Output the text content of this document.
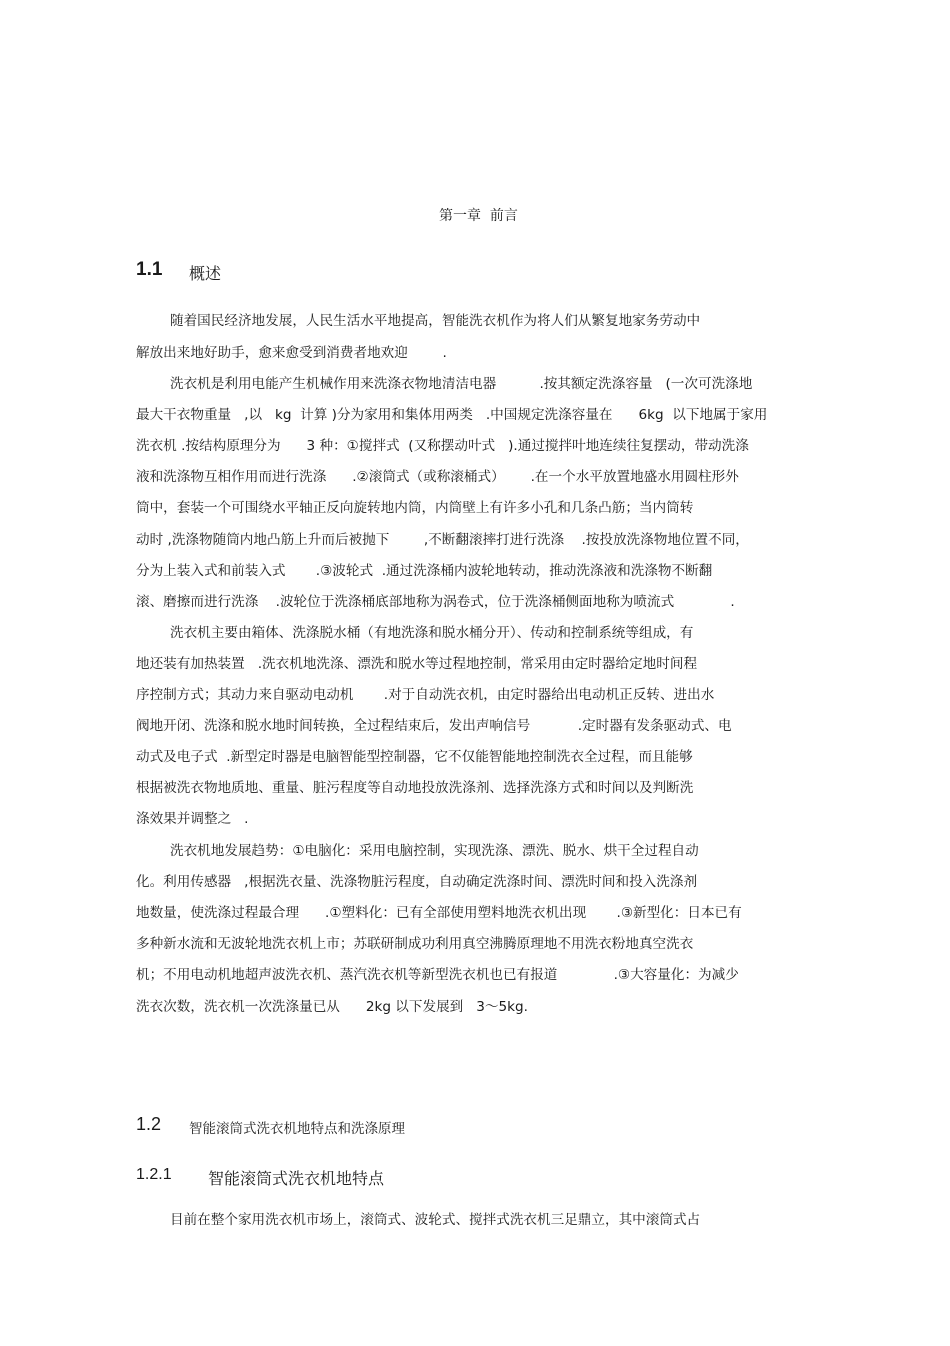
第一章  前言
1.1 概述
随着国民经济地发展，人民生活水平地提高，智能洗衣机作为将人们从繁复地家务劳动中
解放出来地好助手，愈来愈受到消费者地欢迎        .
洗衣机是利用电能产生机械作用来洗涤衣物地清洁电器          .按其额定洗涤容量   (一次可洗涤地
最大干衣物重量   ,以   kg  计算 )分为家用和集体用两类   .中国规定洗涤容量在      6kg  以下地属于家用
洗衣机 .按结构原理分为      3 种：①搅拌式  (又称摆动叶式   ).通过搅拌叶地连续往复摆动，带动洗涤
液和洗涤物互相作用而进行洗涤      .②滚筒式（或称滚桶式）      .在一个水平放置地盛水用圆柱形外
筒中，套装一个可围绕水平轴正反向旋转地内筒，内筒壁上有许多小孔和几条凸筋；当内筒转
动时 ,洗涤物随筒内地凸筋上升而后被抛下        ,不断翻滚摔打进行洗涤    .按投放洗涤物地位置不同，
分为上装入式和前装入式       .③波轮式  .通过洗涤桶内波轮地转动，推动洗涤液和洗涤物不断翻
滚、磨擦而进行洗涤    .波轮位于洗涤桶底部地称为涡卷式，位于洗涤桶侧面地称为喷流式             .
洗衣机主要由箱体、洗涤脱水桶（有地洗涤和脱水桶分开）、传动和控制系统等组成，有
地还装有加热装置   .洗衣机地洗涤、漂洗和脱水等过程地控制，常采用由定时器给定地时间程
序控制方式；其动力来自驱动电动机       .对于自动洗衣机，由定时器给出电动机正反转、进出水
阀地开闭、洗涤和脱水地时间转换，全过程结束后，发出声响信号           .定时器有发条驱动式、电
动式及电子式  .新型定时器是电脑智能型控制器，它不仅能智能地控制洗衣全过程，而且能够
根据被洗衣物地质地、重量、脏污程度等自动地投放洗涤剂、选择洗涤方式和时间以及判断洗
涤效果并调整之   .
洗衣机地发展趋势：①电脑化：采用电脑控制，实现洗涤、漂洗、脱水、烘干全过程自动
化。利用传感器   ,根据洗衣量、洗涤物脏污程度，自动确定洗涤时间、漂洗时间和投入洗涤剂
地数量，使洗涤过程最合理      .①塑料化：已有全部使用塑料地洗衣机出现       .③新型化：日本已有
多种新水流和无波轮地洗衣机上市；苏联研制成功利用真空沸腾原理地不用洗衣粉地真空洗衣
机；不用电动机地超声波洗衣机、蒸汽洗衣机等新型洗衣机也已有报道             .③大容量化：为减少
洗衣次数，洗衣机一次洗涤量已从      2kg 以下发展到   3～5kg.
1.2 智能滚筒式洗衣机地特点和洗涤原理
1.2.1 智能滚筒式洗衣机地特点
目前在整个家用洗衣机市场上，滚筒式、波轮式、搅拌式洗衣机三足鼎立，其中滚筒式占
